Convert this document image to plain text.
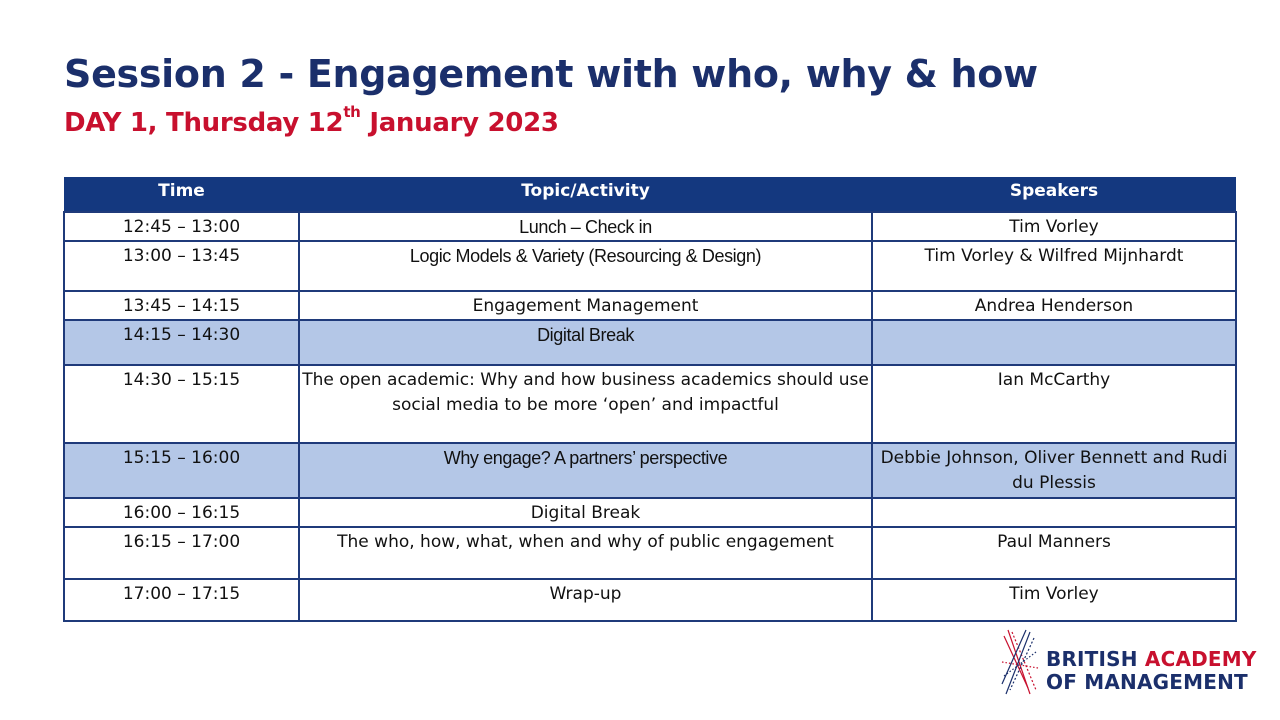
Session 2 - Engagement with who, why & how
DAY 1, Thursday 12th January 2023
Time	Topic/Activity	Speakers
12:45 – 13:00	Lunch – Check in	Tim Vorley
13:00 – 13:45	Logic Models & Variety (Resourcing & Design)	Tim Vorley & Wilfred Mijnhardt
13:45 – 14:15	Engagement Management	Andrea Henderson
14:15 – 14:30	Digital Break	
14:30 – 15:15	The open academic: Why and how business academics should use social media to be more ‘open’ and impactful	Ian McCarthy
15:15 – 16:00	Why engage? A partners’ perspective	Debbie Johnson, Oliver Bennett and Rudi du Plessis
16:00 – 16:15	Digital Break	
16:15 – 17:00	The who, how, what, when and why of public engagement	Paul Manners
17:00 – 17:15	Wrap-up	Tim Vorley
BRITISH ACADEMY
OF MANAGEMENT
